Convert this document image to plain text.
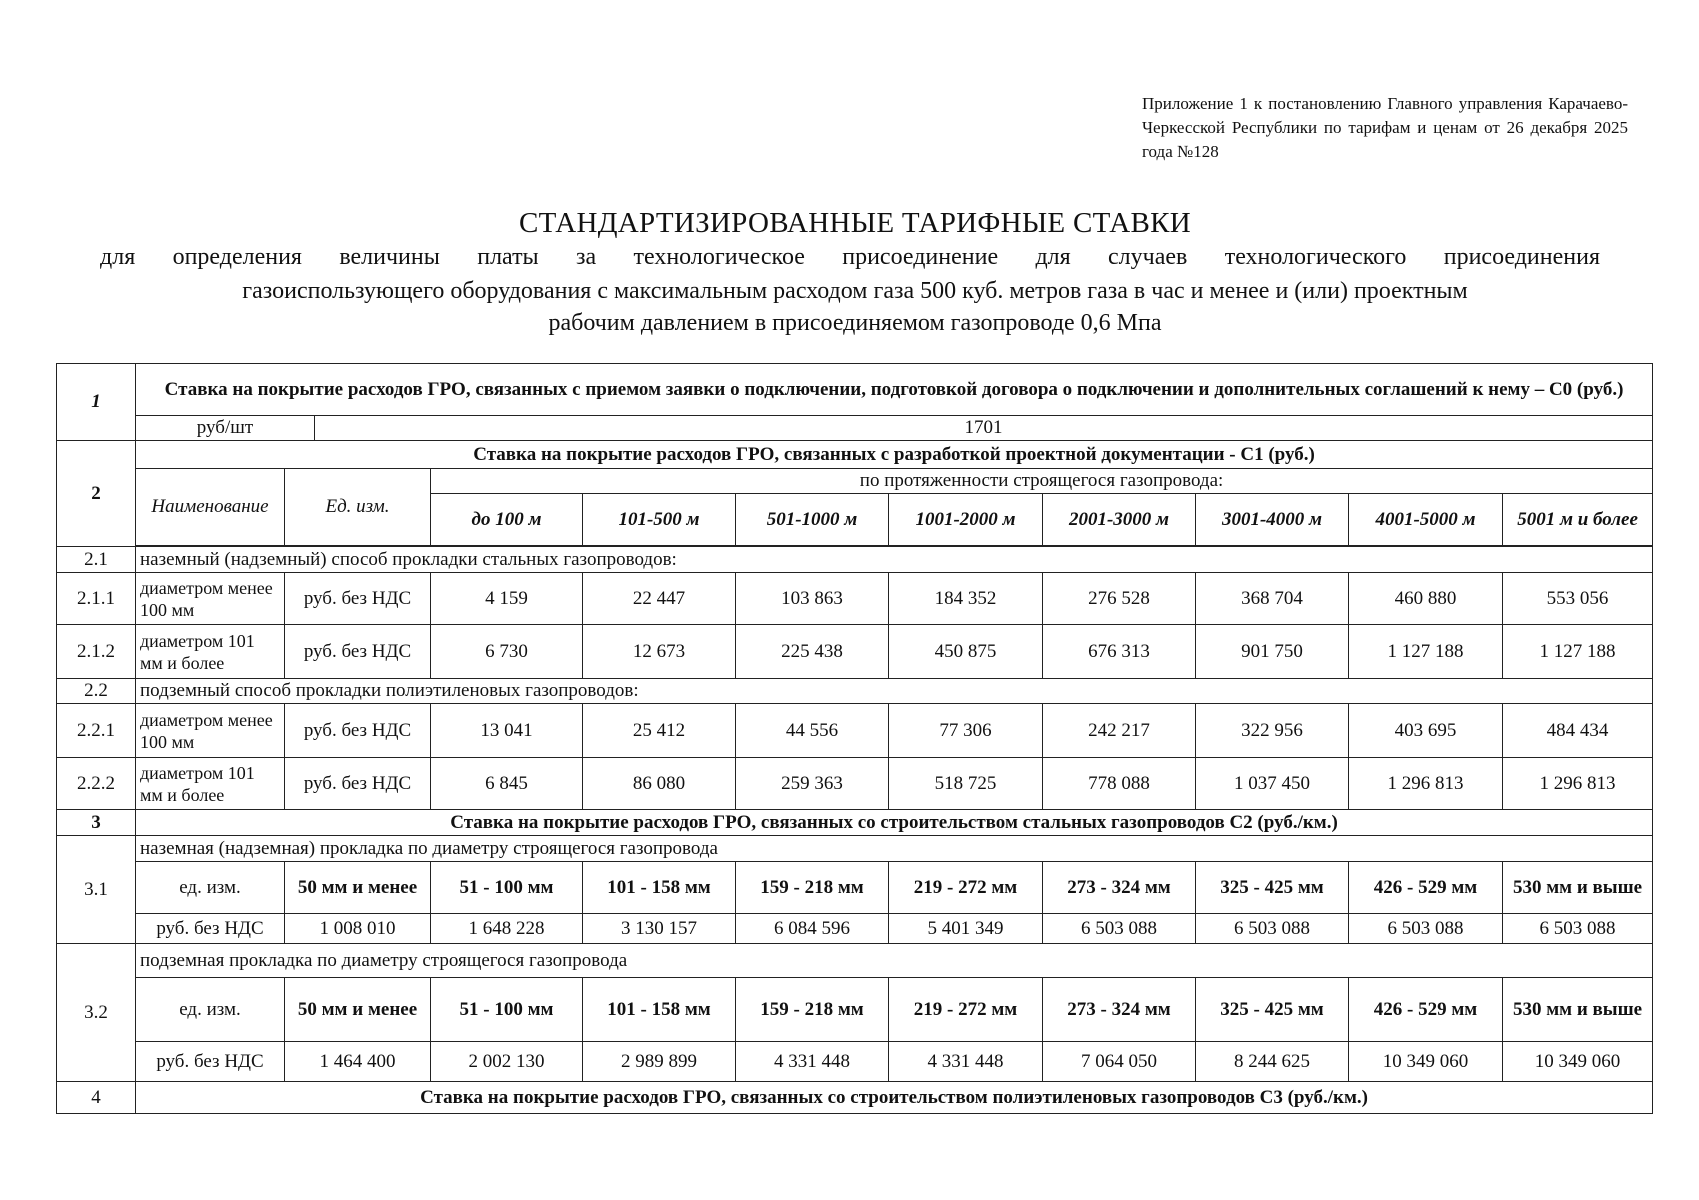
Приложение 1 к постановлению Главного управления Карачаево-Черкесской Республики по тарифам и ценам от 26 декабря 2025 года №128
СТАНДАРТИЗИРОВАННЫЕ ТАРИФНЫЕ СТАВКИ
для определения величины платы за технологическое присоединение для случаев технологического присоединения
газоиспользующего оборудования с максимальным расходом газа 500 куб. метров газа в час и менее и (или) проектным
рабочим давлением в присоединяемом газопроводе 0,6 Мпа
1	Ставка на покрытие расходов ГРО, связанных с приемом заявки о подключении, подготовкой договора о подключении и дополнительных соглашений к нему – С0 (руб.)										
	руб/шт		1701								
2	Ставка на покрытие расходов ГРО, связанных с разработкой проектной документации - С1 (руб.)										
	Наименование	Ед. изм.		по протяженности строящегося газопровода:							
				до 100 м	101-500 м	501-1000 м	1001-2000 м	2001-3000 м	3001-4000 м	4001-5000 м	5001 м и более

2.1	наземный (надземный) способ прокладки стальных газопроводов:										
2.1.1	диаметром менее 100 мм	руб. без НДС		4 159	22 447	103 863	184 352	276 528	368 704	460 880	553 056
2.1.2	диаметром 101 мм и более	руб. без НДС		6 730	12 673	225 438	450 875	676 313	901 750	1 127 188	1 127 188
2.2	подземный способ прокладки полиэтиленовых газопроводов:										
2.2.1	диаметром менее 100 мм	руб. без НДС		13 041	25 412	44 556	77 306	242 217	322 956	403 695	484 434
2.2.2	диаметром 101 мм и более	руб. без НДС		6 845	86 080	259 363	518 725	778 088	1 037 450	1 296 813	1 296 813
3	Ставка на покрытие расходов ГРО, связанных со строительством стальных газопроводов С2 (руб./км.)										
3.1	наземная (надземная) прокладка по диаметру строящегося газопровода										
	ед. изм.	50 мм и менее		51 - 100 мм	101 - 158 мм	159 - 218 мм	219 - 272 мм	273 - 324 мм	325 - 425 мм	426 - 529 мм	530 мм и выше
	руб. без НДС	1 008 010		1 648 228	3 130 157	6 084 596	5 401 349	6 503 088	6 503 088	6 503 088	6 503 088
3.2	подземная прокладка по диаметру строящегося газопровода										
	ед. изм.	50 мм и менее		51 - 100 мм	101 - 158 мм	159 - 218 мм	219 - 272 мм	273 - 324 мм	325 - 425 мм	426 - 529 мм	530 мм и выше
	руб. без НДС	1 464 400		2 002 130	2 989 899	4 331 448	4 331 448	7 064 050	8 244 625	10 349 060	10 349 060
4	Ставка на покрытие расходов ГРО, связанных со строительством полиэтиленовых газопроводов С3 (руб./км.)										
